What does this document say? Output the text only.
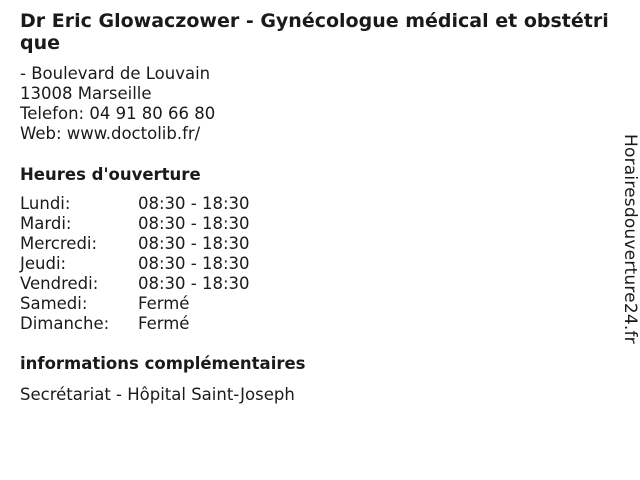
Dr Eric Glowaczower - Gynécologue médical et obstétrique
- Boulevard de Louvain
13008 Marseille
Telefon: 04 91 80 66 80
Web: www.doctolib.fr/
Heures d'ouverture
Lundi:	08:30 - 18:30
Mardi:	08:30 - 18:30
Mercredi:	08:30 - 18:30
Jeudi:	08:30 - 18:30
Vendredi:	08:30 - 18:30
Samedi:	Fermé
Dimanche:	Fermé
informations complémentaires
Secrétariat - Hôpital Saint-Joseph
Horairesdouverture24.fr
